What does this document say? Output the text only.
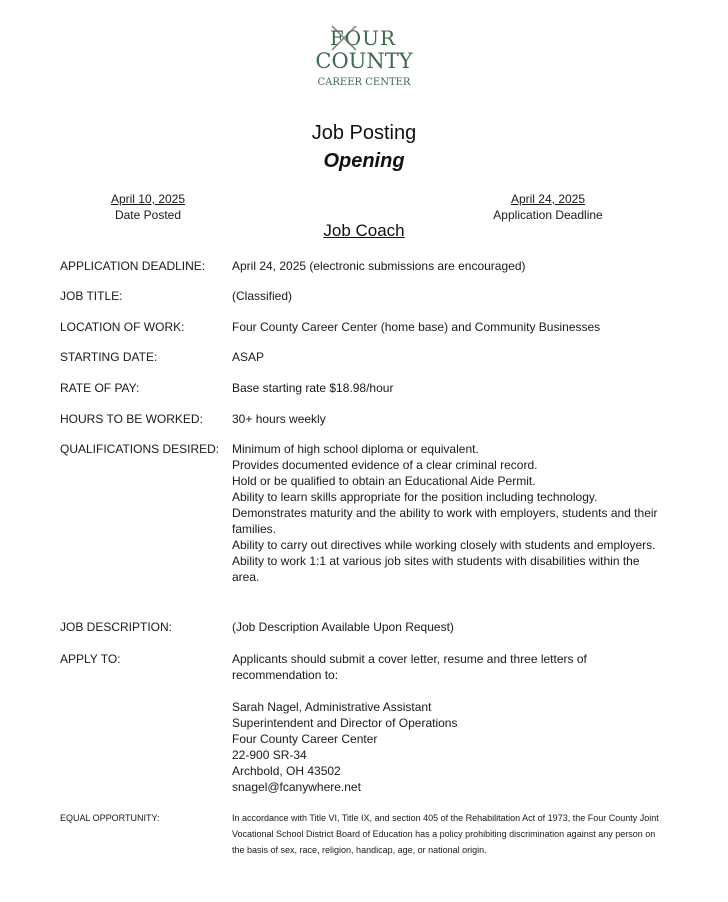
FOUR
COUNTY
CAREER CENTER
Job Posting
Opening
April 10, 2025
Date Posted
April 24, 2025
Application Deadline
Job Coach
APPLICATION DEADLINE:	April 24, 2025 (electronic submissions are encouraged)
JOB TITLE:	(Classified)
LOCATION OF WORK:	Four County Career Center (home base) and Community Businesses
STARTING DATE:	ASAP
RATE OF PAY:	Base starting rate $18.98/hour
HOURS TO BE WORKED:	30+ hours weekly
QUALIFICATIONS DESIRED:	Minimum of high school diploma or equivalent.

Provides documented evidence of a clear criminal record.

Hold or be qualified to obtain an Educational Aide Permit.

Ability to learn skills appropriate for the position including technology.

Demonstrates maturity and the ability to work with employers, students and their families.

Ability to carry out directives while working closely with students and employers.

Ability to work 1:1 at various job sites with students with disabilities within the area.

JOB DESCRIPTION:	(Job Description Available Upon Request)
APPLY TO:	Applicants should submit a cover letter, resume and three letters of recommendation to:

Sarah Nagel, Administrative Assistant

Superintendent and Director of Operations

Four County Career Center

22-900 SR-34

Archbold, OH 43502

snagel@fcanywhere.net

EQUAL OPPORTUNITY:	In accordance with Title VI, Title IX, and section 405 of the Rehabilitation Act of 1973, the Four County Joint Vocational School District Board of Education has a policy prohibiting discrimination against any person on the basis of sex, race, religion, handicap, age, or national origin.
